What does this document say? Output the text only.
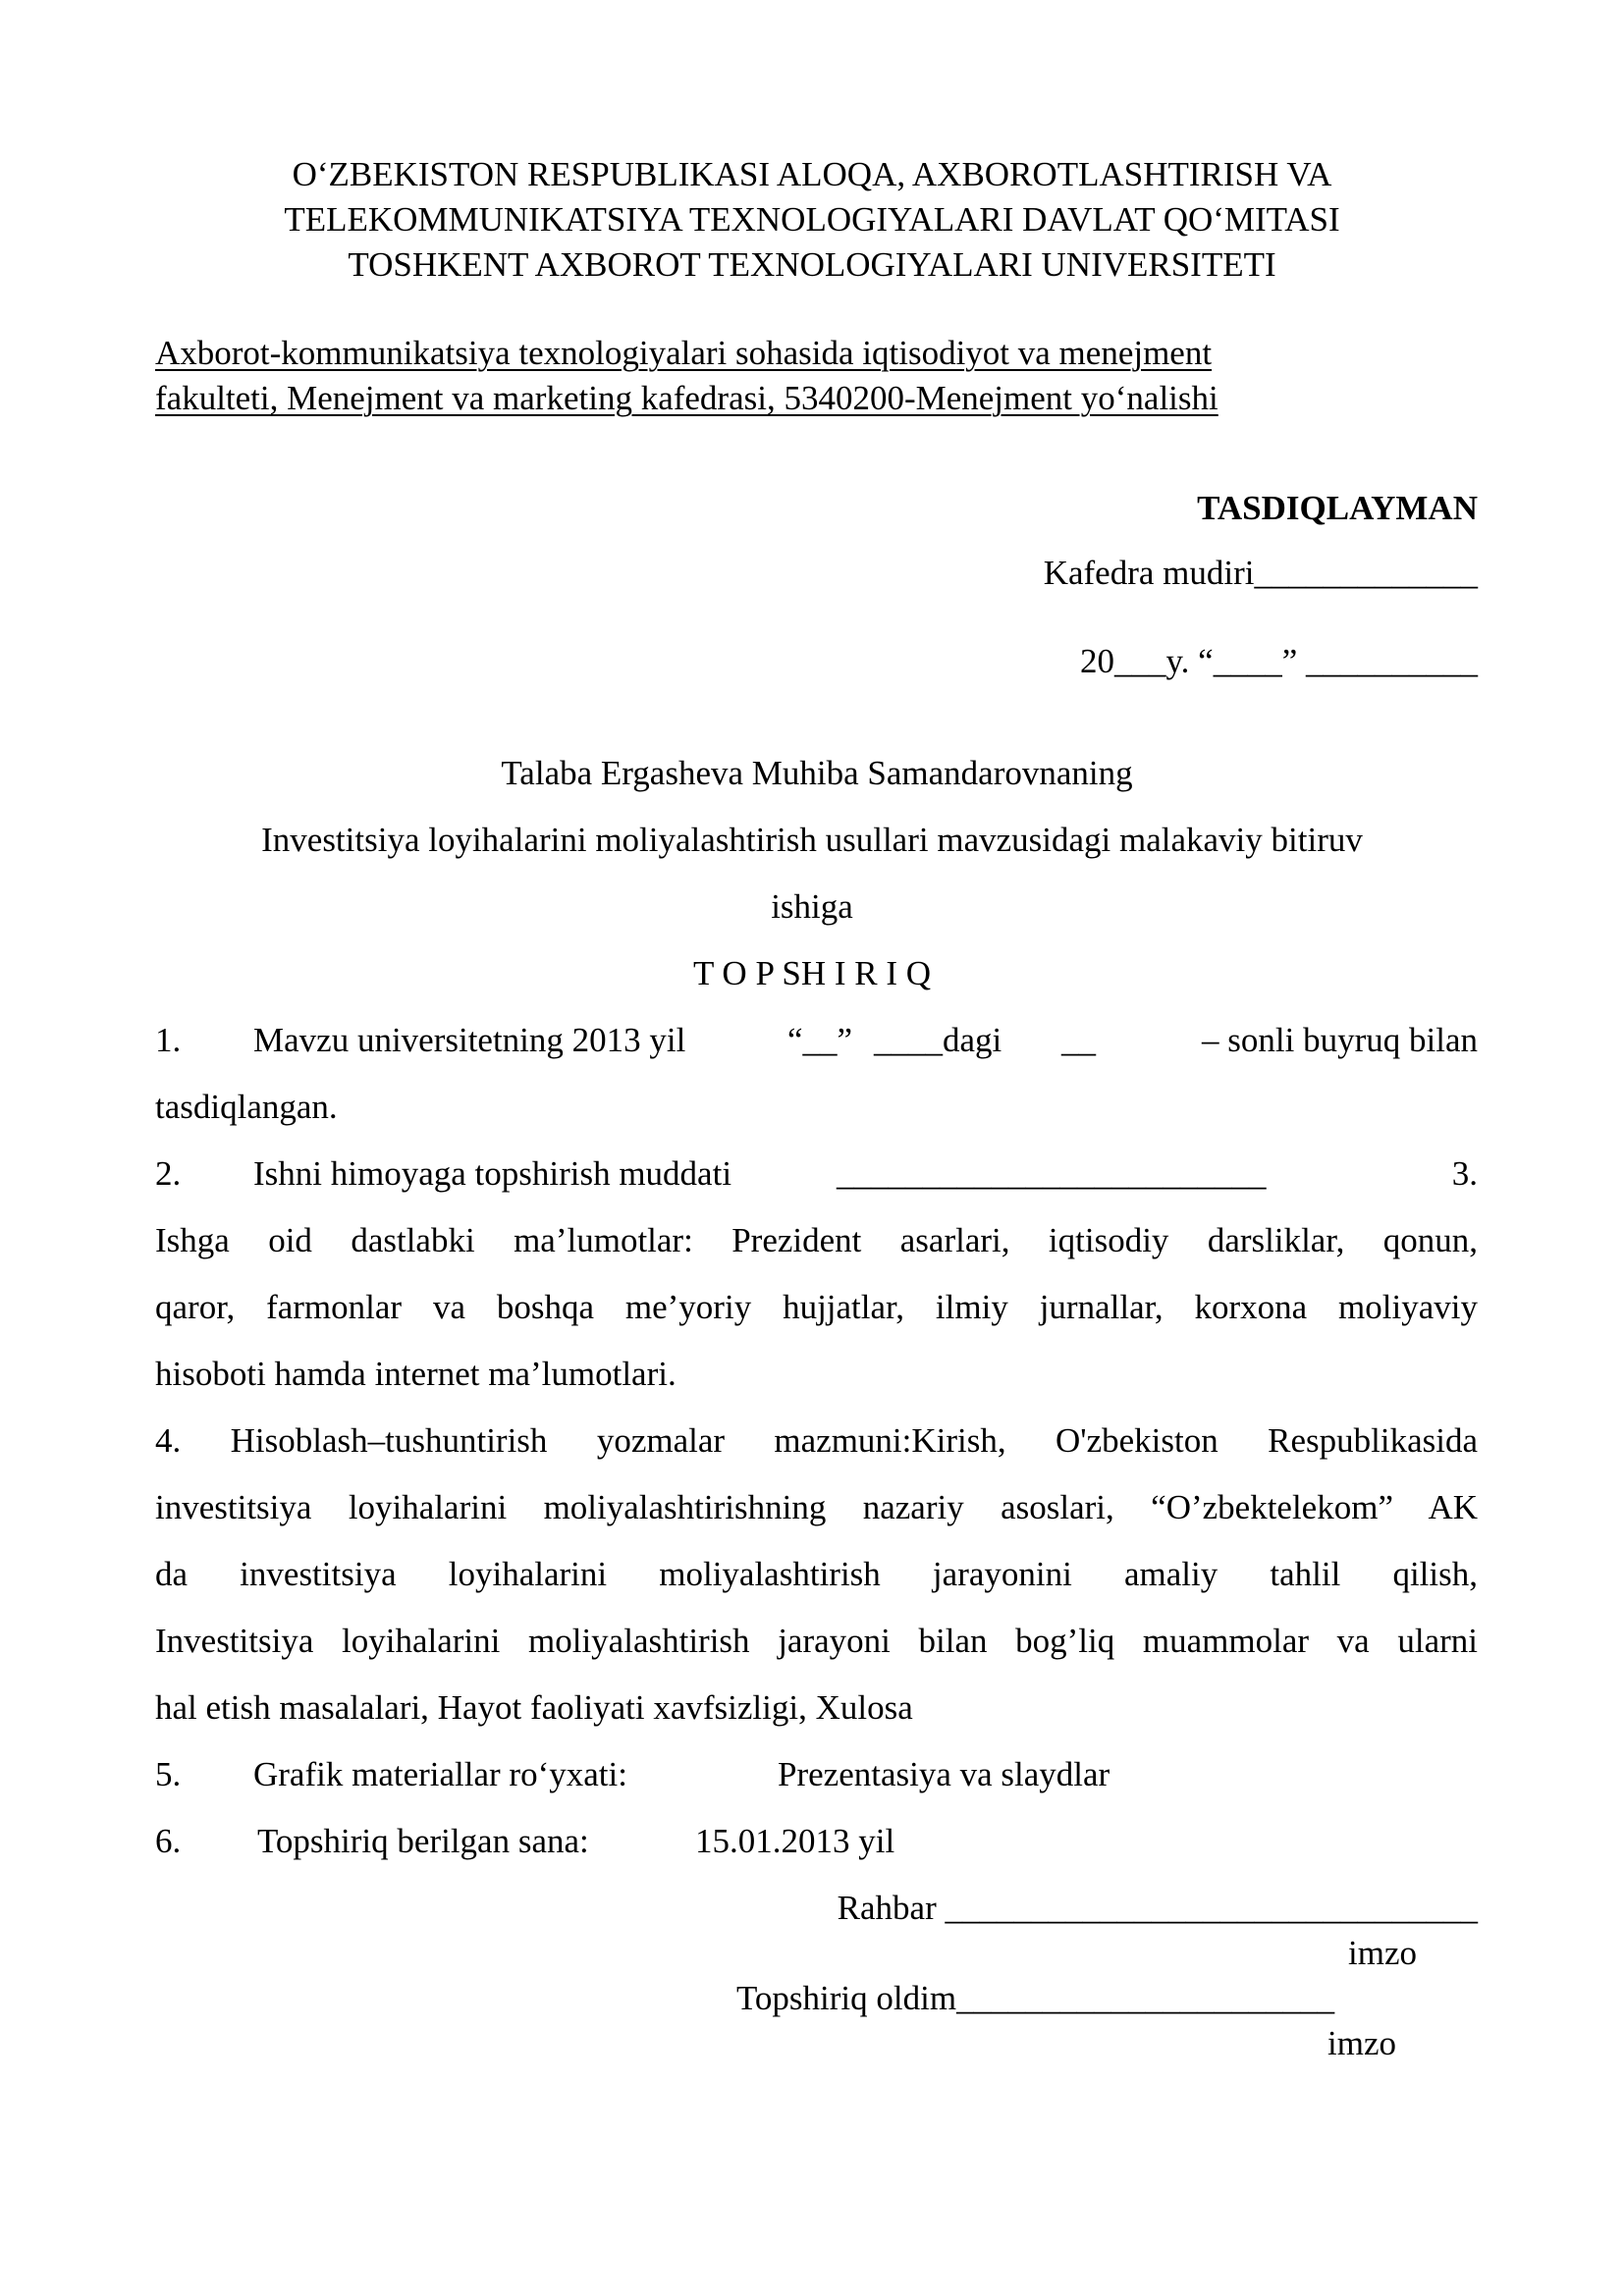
O‘ZBEKISTON RESPUBLIKASI ALOQA, AXBOROTLASHTIRISH VA
TELEKOMMUNIKATSIYA TEXNOLOGIYALARI DAVLAT QO‘MITASI
TOSHKENT AXBOROT TEXNOLOGIYALARI UNIVERSITETI
Axborot-kommunikatsiya texnologiyalari sohasida iqtisodiyot va menejment
fakulteti, Menejment va marketing kafedrasi, 5340200-Menejment yo‘nalishi
TASDIQLAYMAN
Kafedra mudiri_____________
20___y. “____” __________
Talaba Ergasheva Muhiba Samandarovnaning
Investitsiya loyihalarini moliyalashtirish usullari mavzusidagi malakaviy bitiruv
ishiga
T O P SH I R I Q
1. Mavzu universitetning 2013 yil	“__” ____dagi __	– sonli buyruq bilan
tasdiqlangan.
2. Ishni himoyaga topshirish muddati	_________________________	3.
Ishga oid dastlabki ma’lumotlar: Prezident asarlari, iqtisodiy darsliklar, qonun,
qaror, farmonlar va boshqa me’yoriy hujjatlar, ilmiy jurnallar, korxona moliyaviy
hisoboti hamda internet ma’lumotlari.
4. Hisoblash–tushuntirish yozmalar mazmuni:Kirish, O'zbekiston Respublikasida
investitsiya loyihalarini moliyalashtirishning nazariy asoslari, “O’zbektelekom” AK
da investitsiya loyihalarini moliyalashtirish jarayonini amaliy tahlil qilish,
Investitsiya loyihalarini moliyalashtirish jarayoni bilan bog’liq muammolar va ularni
hal etish masalalari, Hayot faoliyati xavfsizligi, Xulosa
5. Grafik materiallar ro‘yxati:	Prezentasiya va slaydlar
6. Topshiriq berilgan sana:	15.01.2013 yil
Rahbar _______________________________
imzo
Topshiriq oldim______________________
imzo
